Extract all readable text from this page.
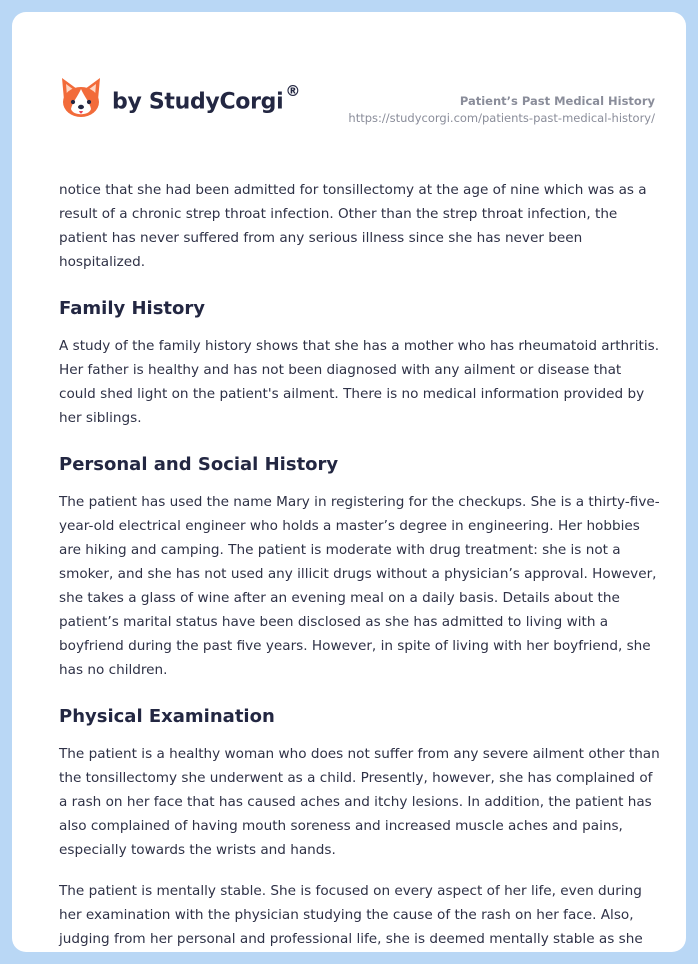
by StudyCorgi ®
Patient’s Past Medical History
https://studycorgi.com/patients-past-medical-history/

notice that she had been admitted for tonsillectomy at the age of nine which was as a result of a chronic strep throat infection. Other than the strep throat infection, the patient has never suffered from any serious illness since she has never been hospitalized.

Family History

A study of the family history shows that she has a mother who has rheumatoid arthritis. Her father is healthy and has not been diagnosed with any ailment or disease that could shed light on the patient's ailment. There is no medical information provided by her siblings.

Personal and Social History

The patient has used the name Mary in registering for the checkups. She is a thirty-five-year-old electrical engineer who holds a master’s degree in engineering. Her hobbies are hiking and camping. The patient is moderate with drug treatment: she is not a smoker, and she has not used any illicit drugs without a physician’s approval. However, she takes a glass of wine after an evening meal on a daily basis. Details about the patient’s marital status have been disclosed as she has admitted to living with a boyfriend during the past five years. However, in spite of living with her boyfriend, she has no children.

Physical Examination

The patient is a healthy woman who does not suffer from any severe ailment other than the tonsillectomy she underwent as a child. Presently, however, she has complained of a rash on her face that has caused aches and itchy lesions. In addition, the patient has also complained of having mouth soreness and increased muscle aches and pains, especially towards the wrists and hands.

The patient is mentally stable. She is focused on every aspect of her life, even during her examination with the physician studying the cause of the rash on her face. Also, judging from her personal and professional life, she is deemed mentally stable as she
